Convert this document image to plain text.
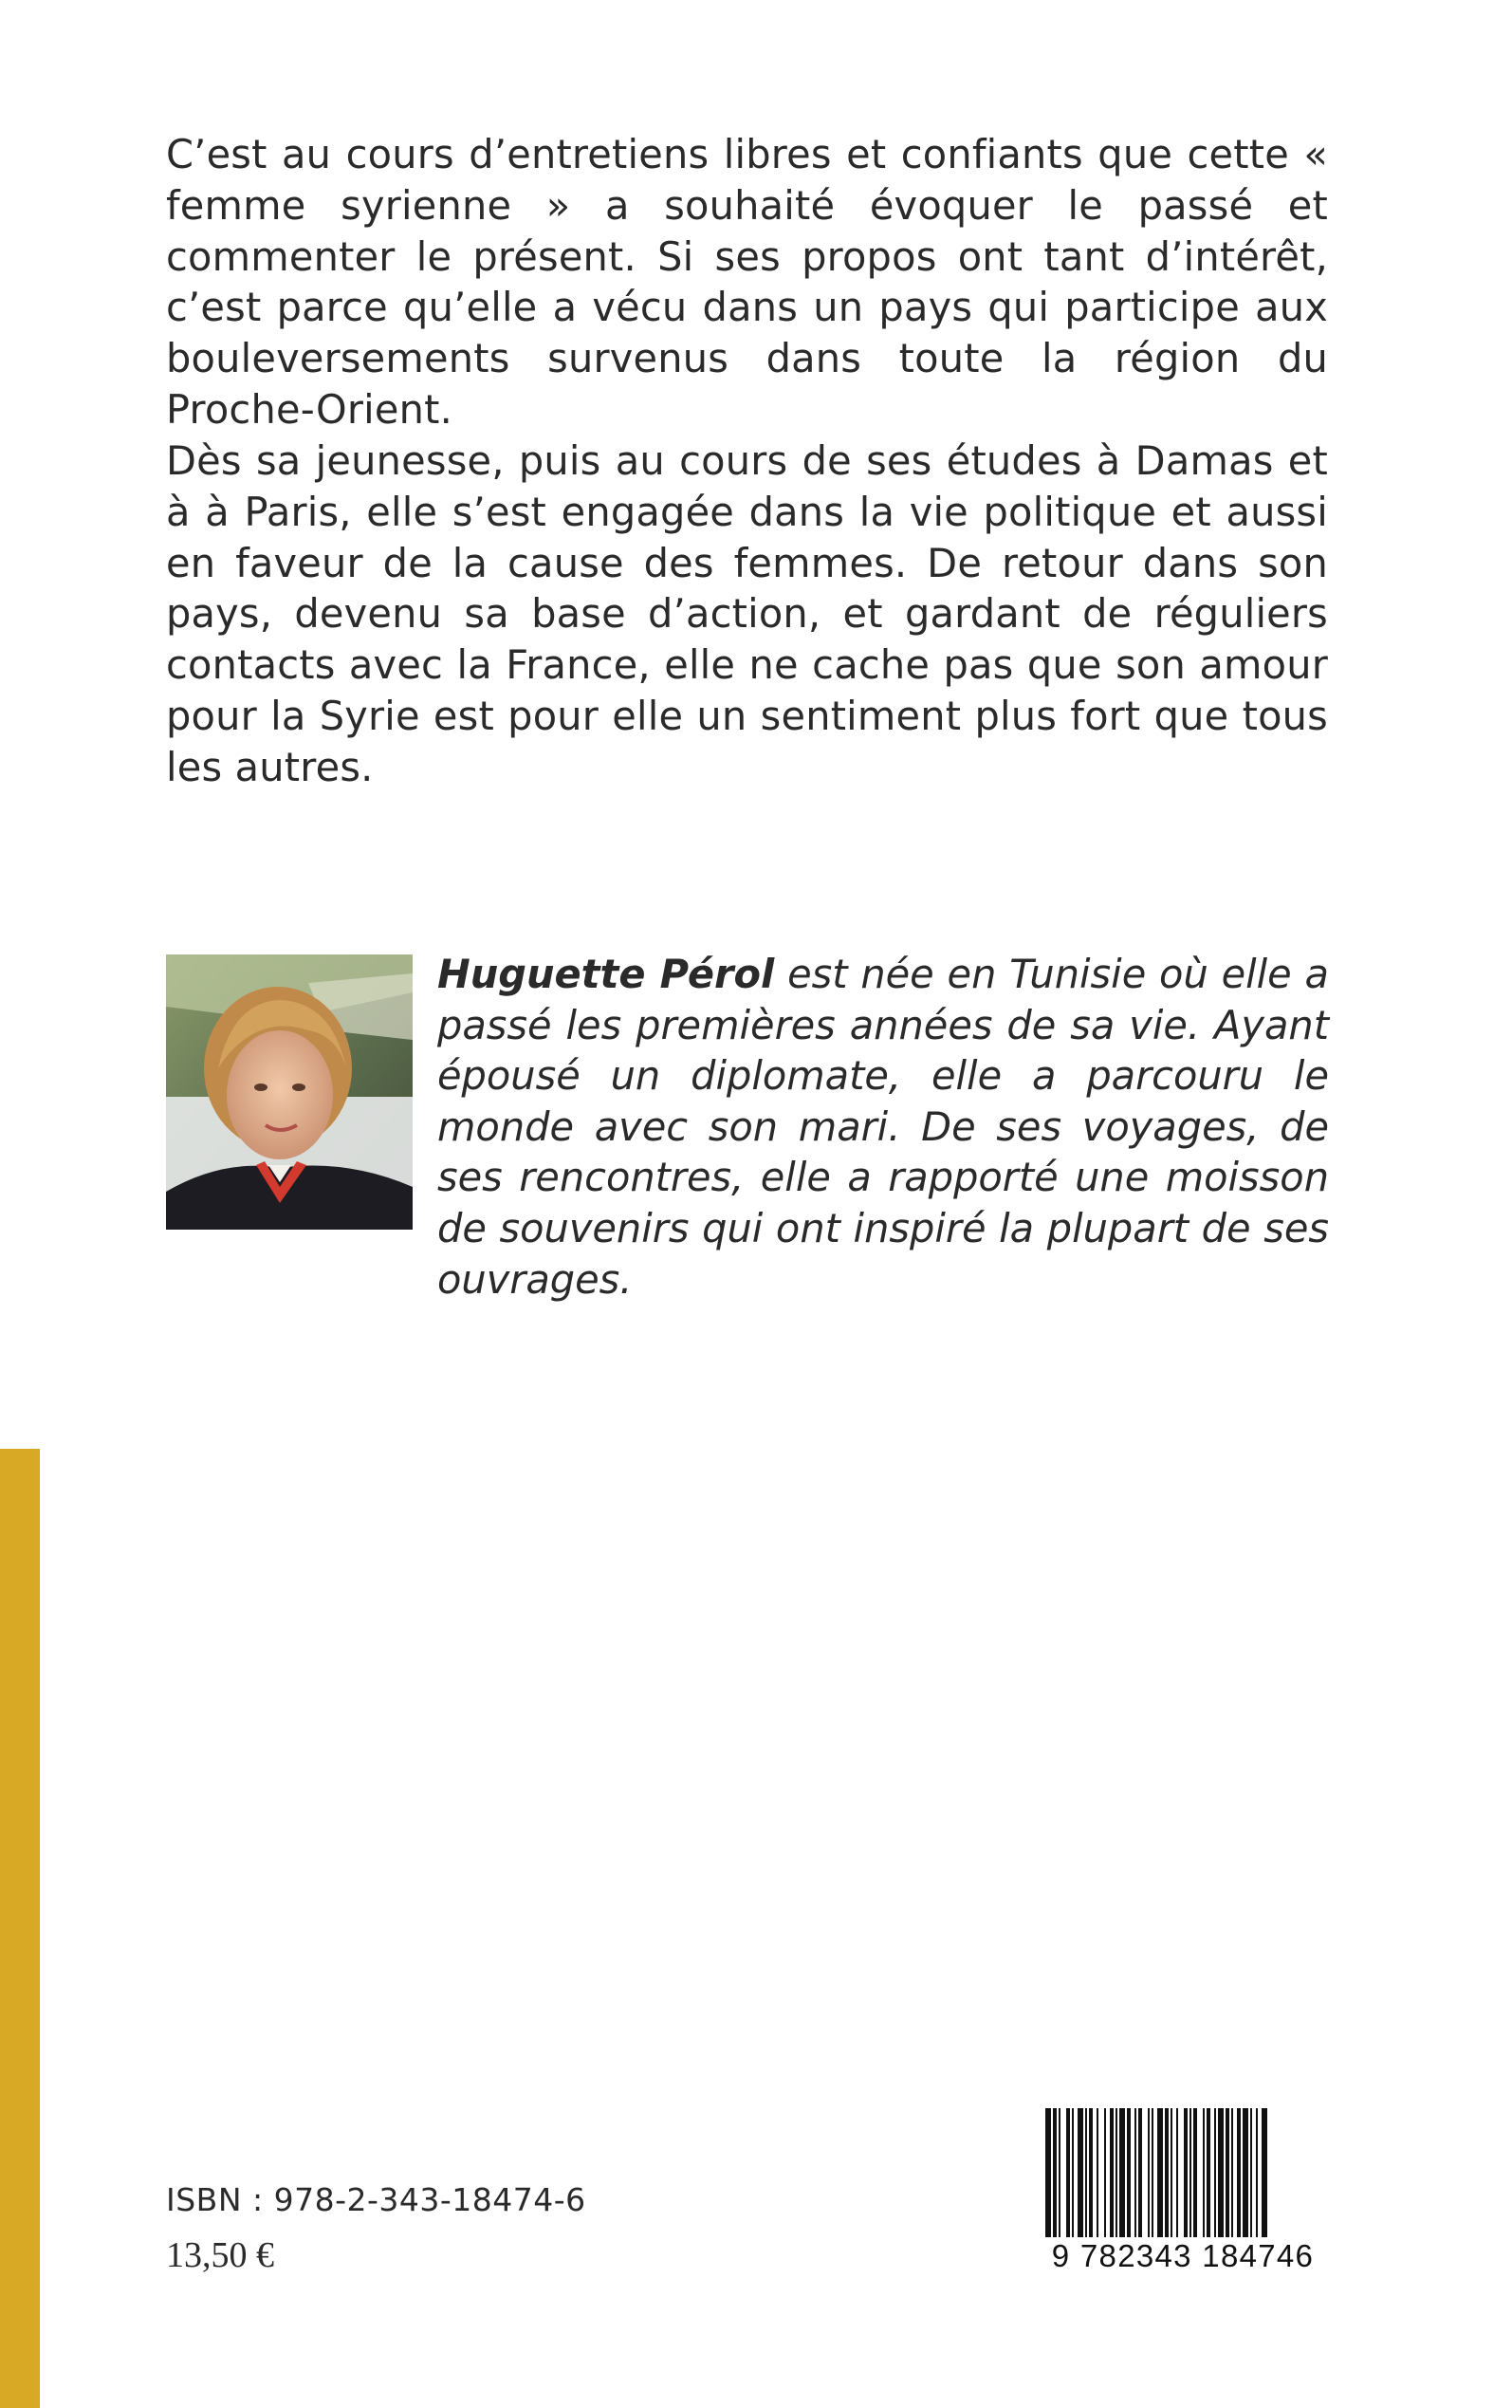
C’est au cours d’entretiens libres et confiants que cette « femme syrienne » a souhaité évoquer le passé et commenter le présent. Si ses propos ont tant d’intérêt, c’est parce qu’elle a vécu dans un pays qui participe aux bouleversements survenus dans toute la région du Proche-Orient.

Dès sa jeunesse, puis au cours de ses études à Damas et à à Paris, elle s’est engagée dans la vie politique et aussi en faveur de la cause des femmes. De retour dans son pays, devenu sa base d’action, et gardant de réguliers contacts avec la France, elle ne cache pas que son amour pour la Syrie est pour elle un sentiment plus fort que tous les autres.

Huguette Pérol est née en Tunisie où elle a passé les premières années de sa vie. Ayant épousé un diplomate, elle a parcouru le monde avec son mari. De ses voyages, de ses rencontres, elle a rapporté une moisson de souvenirs qui ont inspiré la plupart de ses ouvrages.

ISBN : 978-2-343-18474-6
13,50 €	9 782343 184746
